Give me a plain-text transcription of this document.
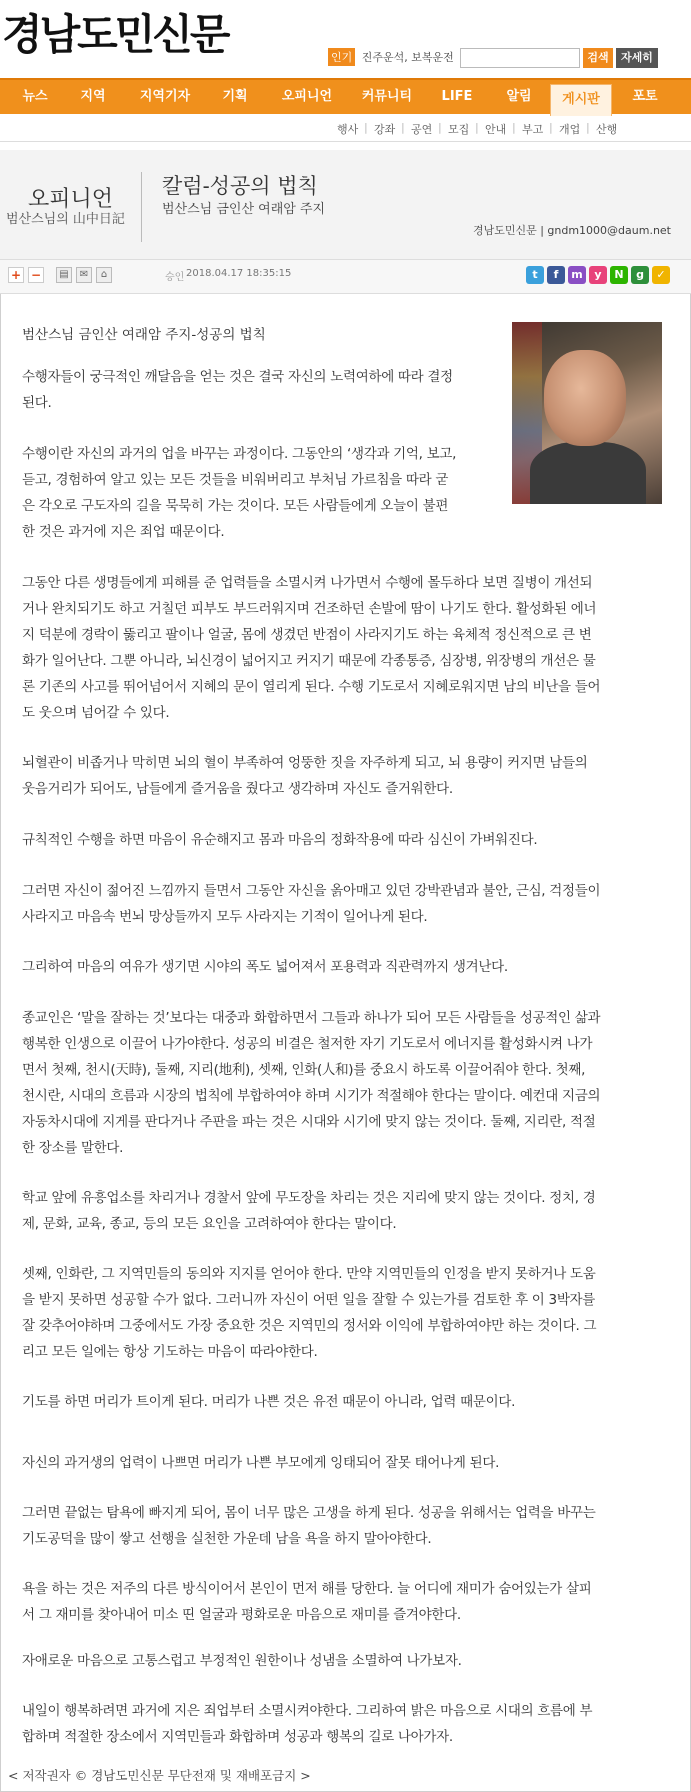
경남도민신문	인기 진주운석, 보복운전	검색	자세히
뉴스	지역	지역기자	기획	오피니언	커뮤니티	LIFE	알림	게시판	포토
행사 | 강좌 | 공연 | 모집 | 안내 | 부고 | 개업 | 산행
오피니언
범산스님의 山中日記
칼럼-성공의 법칙
범산스님 금인산 여래암 주지
경남도민신문 | gndm1000@daum.net
+ −	▤	✉	⌂	승인 2018.04.17 18:35:15	t	f	m	y	N	g	✓
범산스님 금인산 여래암 주지-성공의 법칙
수행자들이 궁극적인 깨달음을 얻는 것은 결국 자신의 노력여하에 따라 결정
된다.
수행이란 자신의 과거의 업을 바꾸는 과정이다. 그동안의 ‘생각과 기억, 보고,
듣고, 경험하여 알고 있는 모든 것들을 비워버리고 부처님 가르침을 따라 굳
은 각오로 구도자의 길을 묵묵히 가는 것이다. 모든 사람들에게 오늘이 불편
한 것은 과거에 지은 죄업 때문이다.
그동안 다른 생명들에게 피해를 준 업력들을 소멸시켜 나가면서 수행에 몰두하다 보면 질병이 개선되
거나 완치되기도 하고 거칠던 피부도 부드러워지며 건조하던 손발에 땀이 나기도 한다. 활성화된 에너
지 덕분에 경락이 뚫리고 팔이나 얼굴, 몸에 생겼던 반점이 사라지기도 하는 육체적 정신적으로 큰 변
화가 일어난다. 그뿐 아니라, 뇌신경이 넓어지고 커지기 때문에 각종통증, 심장병, 위장병의 개선은 물
론 기존의 사고를 뛰어넘어서 지혜의 문이 열리게 된다. 수행 기도로서 지혜로워지면 남의 비난을 들어
도 웃으며 넘어갈 수 있다.
뇌혈관이 비좁거나 막히면 뇌의 혈이 부족하여 엉뚱한 짓을 자주하게 되고, 뇌 용량이 커지면 남들의
웃음거리가 되어도, 남들에게 즐거움을 줬다고 생각하며 자신도 즐거워한다.
규칙적인 수행을 하면 마음이 유순해지고 몸과 마음의 정화작용에 따라 심신이 가벼워진다.
그러면 자신이 젊어진 느낌까지 들면서 그동안 자신을 옭아매고 있던 강박관념과 불안, 근심, 걱정들이
사라지고 마음속 번뇌 망상들까지 모두 사라지는 기적이 일어나게 된다.
그리하여 마음의 여유가 생기면 시야의 폭도 넓어져서 포용력과 직관력까지 생겨난다.
종교인은 ‘말을 잘하는 것’보다는 대중과 화합하면서 그들과 하나가 되어 모든 사람들을 성공적인 삶과
행복한 인생으로 이끌어 나가야한다. 성공의 비결은 철저한 자기 기도로서 에너지를 활성화시켜 나가
면서 첫째, 천시(天時), 둘째, 지리(地利), 셋째, 인화(人和)를 중요시 하도록 이끌어줘야 한다. 첫째,
천시란, 시대의 흐름과 시장의 법칙에 부합하여야 하며 시기가 적절해야 한다는 말이다. 예컨대 지금의
자동차시대에 지게를 판다거나 주판을 파는 것은 시대와 시기에 맞지 않는 것이다. 둘째, 지리란, 적절
한 장소를 말한다.
학교 앞에 유흥업소를 차리거나 경찰서 앞에 무도장을 차리는 것은 지리에 맞지 않는 것이다. 정치, 경
제, 문화, 교육, 종교, 등의 모든 요인을 고려하여야 한다는 말이다.
셋째, 인화란, 그 지역민들의 동의와 지지를 얻어야 한다. 만약 지역민들의 인정을 받지 못하거나 도움
을 받지 못하면 성공할 수가 없다. 그러니까 자신이 어떤 일을 잘할 수 있는가를 검토한 후 이 3박자를
잘 갖추어야하며 그중에서도 가장 중요한 것은 지역민의 정서와 이익에 부합하여야만 하는 것이다. 그
리고 모든 일에는 항상 기도하는 마음이 따라야한다.
기도를 하면 머리가 트이게 된다. 머리가 나쁜 것은 유전 때문이 아니라, 업력 때문이다.
자신의 과거생의 업력이 나쁘면 머리가 나쁜 부모에게 잉태되어 잘못 태어나게 된다.
그러면 끝없는 탐욕에 빠지게 되어, 몸이 너무 많은 고생을 하게 된다. 성공을 위해서는 업력을 바꾸는
기도공덕을 많이 쌓고 선행을 실천한 가운데 남을 욕을 하지 말아야한다.
욕을 하는 것은 저주의 다른 방식이어서 본인이 먼저 해를 당한다. 늘 어디에 재미가 숨어있는가 살피
서 그 재미를 찾아내어 미소 띤 얼굴과 평화로운 마음으로 재미를 즐겨야한다.
자애로운 마음으로 고통스럽고 부정적인 원한이나 성냄을 소멸하여 나가보자.
내일이 행복하려면 과거에 지은 죄업부터 소멸시켜야한다. 그리하여 밝은 마음으로 시대의 흐름에 부
합하며 적절한 장소에서 지역민들과 화합하며 성공과 행복의 길로 나아가자.
< 저작권자 © 경남도민신문 무단전재 및 재배포금지 >
